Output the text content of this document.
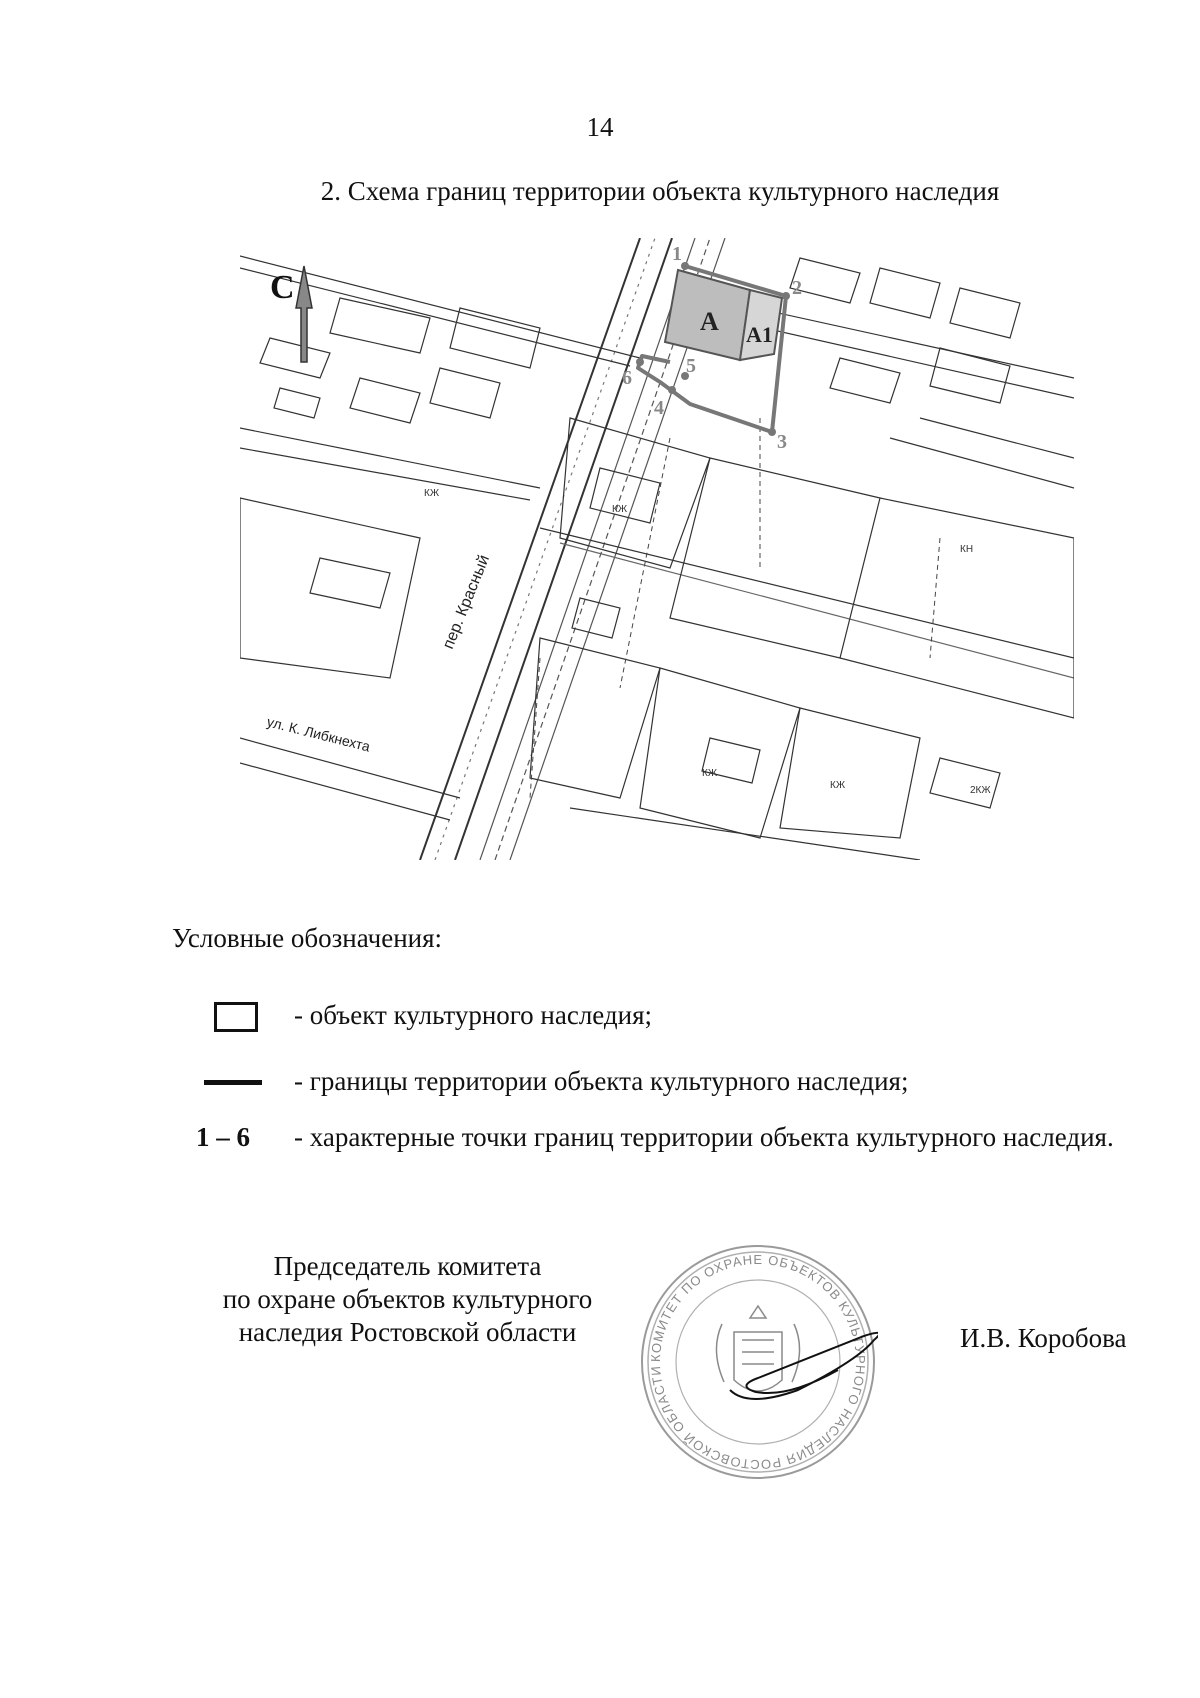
14
2. Схема границ территории объекта культурного наследия
1
2
3
4
5
6
А А1
С
пер. Красный
ул. К. Либкнехта
КЖ
КЖ
КЖ
КН
КЖ	2КЖ
Условные обозначения:
- объект культурного наследия;
- границы территории объекта культурного наследия;
1 – 6 - характерные точки границ территории объекта культурного наследия.
Председатель комитета
по охране объектов культурного
наследия Ростовской области
КОМИТЕТ ПО ОХРАНЕ ОБЪЕКТОВ КУЛЬТУРНОГО НАСЛЕДИЯ РОСТОВСКОЙ ОБЛАСТИ
И.В. Коробова
